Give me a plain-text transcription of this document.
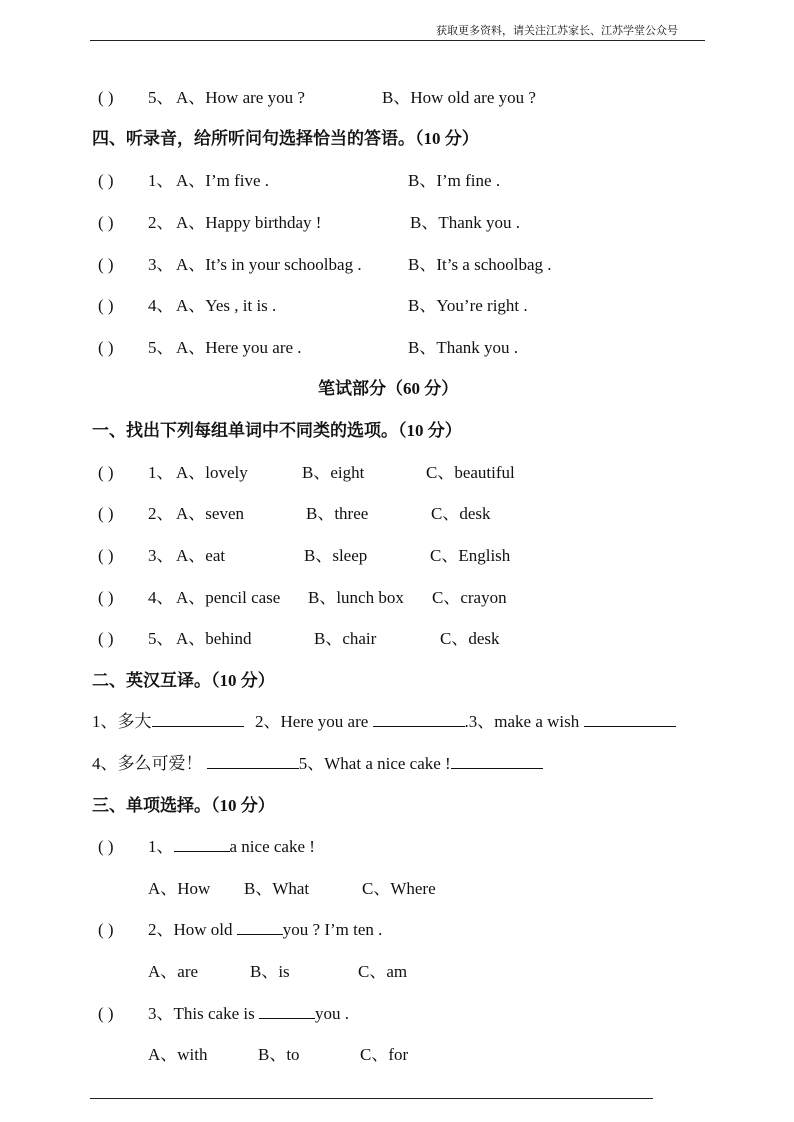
获取更多资料，请关注江苏家长、江苏学堂公众号
( ) 5、 A、How are you ?	B、How old are you ?
四、听录音，给所听问句选择恰当的答语。（10 分）
( ) 1、 A、I’m five .	B、I’m fine .
( ) 2、 A、Happy birthday !	B、Thank you .
( ) 3、 A、It’s in your schoolbag .	B、It’s a schoolbag .
( ) 4、 A、Yes , it is .	B、You’re right .
( ) 5、 A、Here you are .	B、Thank you .
笔试部分（60 分）
一、找出下列每组单词中不同类的选项。（10 分）
( ) 1、 A、lovely	B、eight	C、beautiful
( ) 2、 A、seven	B、three	C、desk
( ) 3、 A、eat	B、sleep	C、English
( ) 4、 A、pencil case B、lunch box C、crayon
( ) 5、 A、behind	B、chair	C、desk
二、英汉互译。（10 分）
1、多大	2、Here you are	.3、make a wish
4、多么可爱！	5、What a nice cake !
三、单项选择。（10 分）
( ) 1、	a nice cake !
A、How B、What	C、Where
( ) 2、How old	you ? I’m ten .
A、are	B、is	C、am
( ) 3、This cake is	you .
A、with	B、to	C、for
